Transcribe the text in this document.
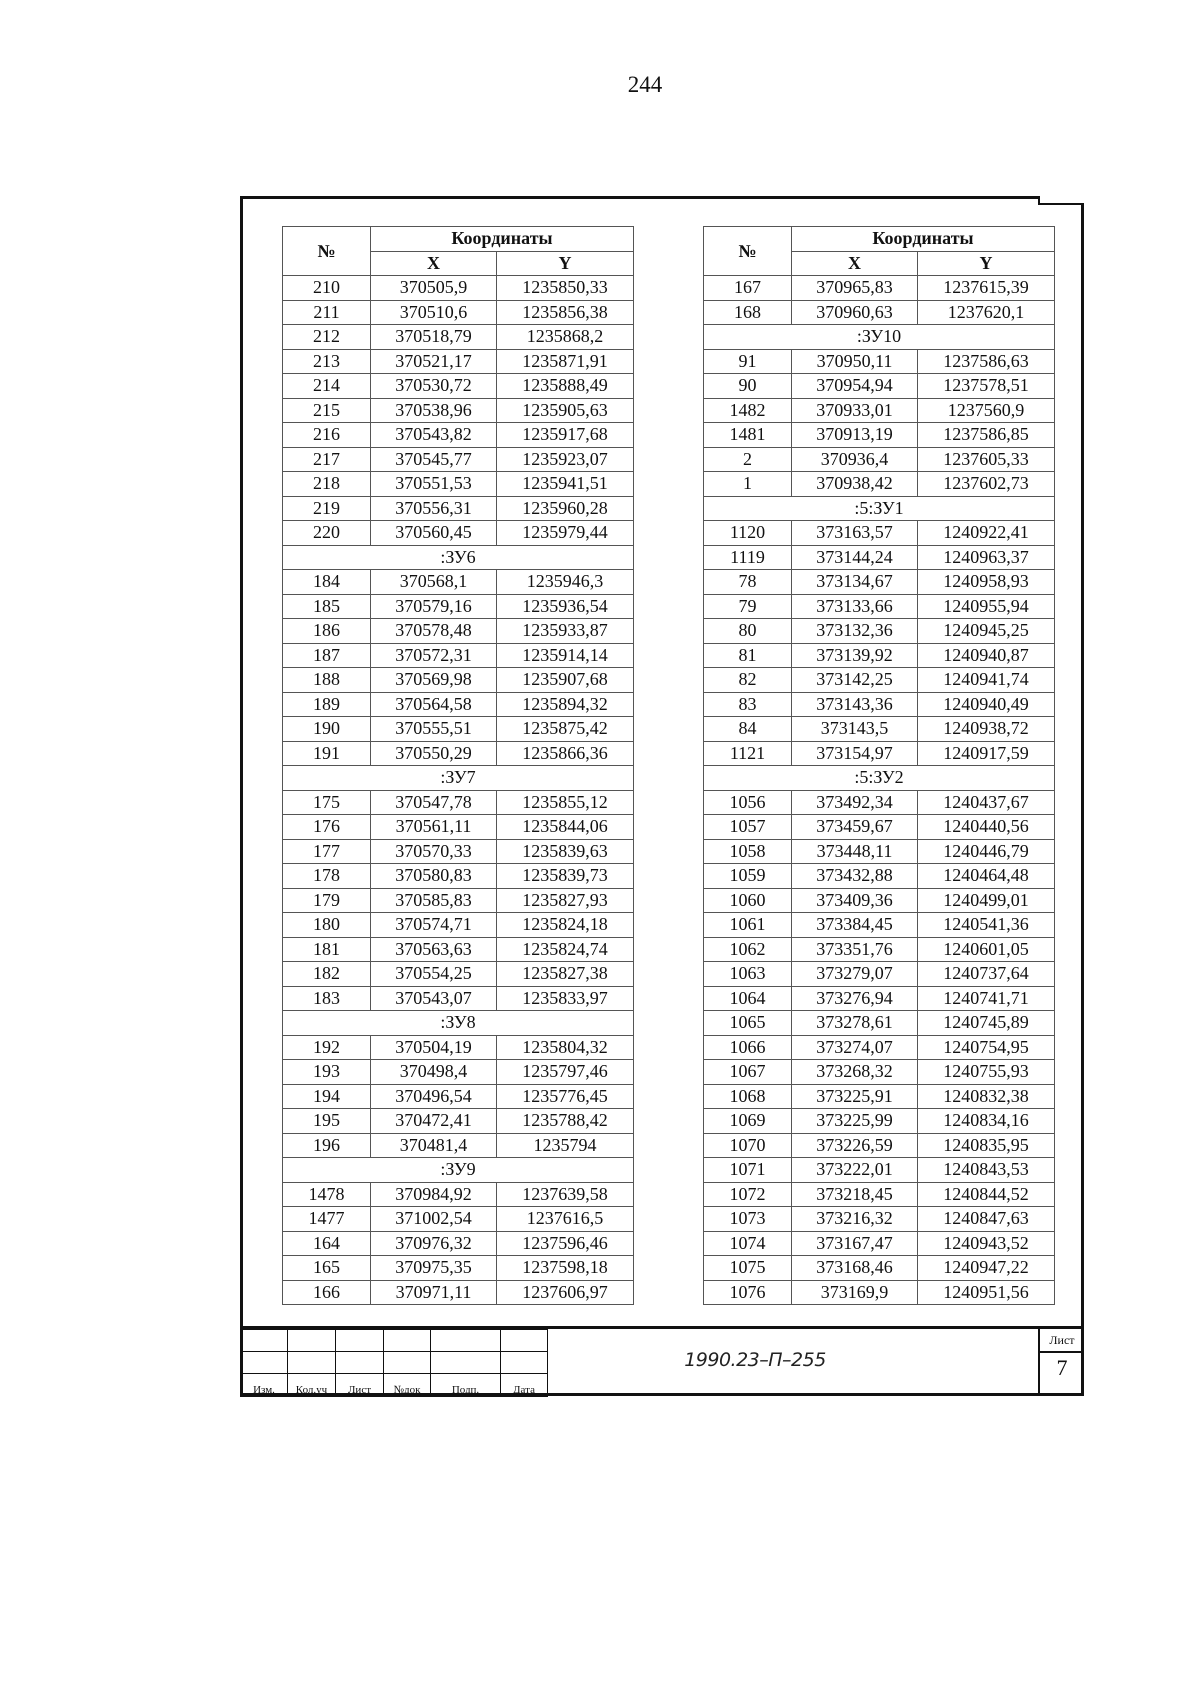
244
№	Координаты	
	X	Y
210	370505,9	1235850,33
211	370510,6	1235856,38
212	370518,79	1235868,2
213	370521,17	1235871,91
214	370530,72	1235888,49
215	370538,96	1235905,63
216	370543,82	1235917,68
217	370545,77	1235923,07
218	370551,53	1235941,51
219	370556,31	1235960,28
220	370560,45	1235979,44
:ЗУ6		
184	370568,1	1235946,3
185	370579,16	1235936,54
186	370578,48	1235933,87
187	370572,31	1235914,14
188	370569,98	1235907,68
189	370564,58	1235894,32
190	370555,51	1235875,42
191	370550,29	1235866,36
:ЗУ7		
175	370547,78	1235855,12
176	370561,11	1235844,06
177	370570,33	1235839,63
178	370580,83	1235839,73
179	370585,83	1235827,93
180	370574,71	1235824,18
181	370563,63	1235824,74
182	370554,25	1235827,38
183	370543,07	1235833,97
:ЗУ8		
192	370504,19	1235804,32
193	370498,4	1235797,46
194	370496,54	1235776,45
195	370472,41	1235788,42
196	370481,4	1235794
:ЗУ9		
1478	370984,92	1237639,58
1477	371002,54	1237616,5
164	370976,32	1237596,46
165	370975,35	1237598,18
166	370971,11	1237606,97
№	Координаты	
	X	Y
167	370965,83	1237615,39
168	370960,63	1237620,1
:ЗУ10		
91	370950,11	1237586,63
90	370954,94	1237578,51
1482	370933,01	1237560,9
1481	370913,19	1237586,85
2	370936,4	1237605,33
1	370938,42	1237602,73
:5:ЗУ1		
1120	373163,57	1240922,41
1119	373144,24	1240963,37
78	373134,67	1240958,93
79	373133,66	1240955,94
80	373132,36	1240945,25
81	373139,92	1240940,87
82	373142,25	1240941,74
83	373143,36	1240940,49
84	373143,5	1240938,72
1121	373154,97	1240917,59
:5:ЗУ2		
1056	373492,34	1240437,67
1057	373459,67	1240440,56
1058	373448,11	1240446,79
1059	373432,88	1240464,48
1060	373409,36	1240499,01
1061	373384,45	1240541,36
1062	373351,76	1240601,05
1063	373279,07	1240737,64
1064	373276,94	1240741,71
1065	373278,61	1240745,89
1066	373274,07	1240754,95
1067	373268,32	1240755,93
1068	373225,91	1240832,38
1069	373225,99	1240834,16
1070	373226,59	1240835,95
1071	373222,01	1240843,53
1072	373218,45	1240844,52
1073	373216,32	1240847,63
1074	373167,47	1240943,52
1075	373168,46	1240947,22
1076	373169,9	1240951,56

Изм.	Кол.уч	Лист	№док	Подп.	Дата
1990.23–П–255
Лист
7
